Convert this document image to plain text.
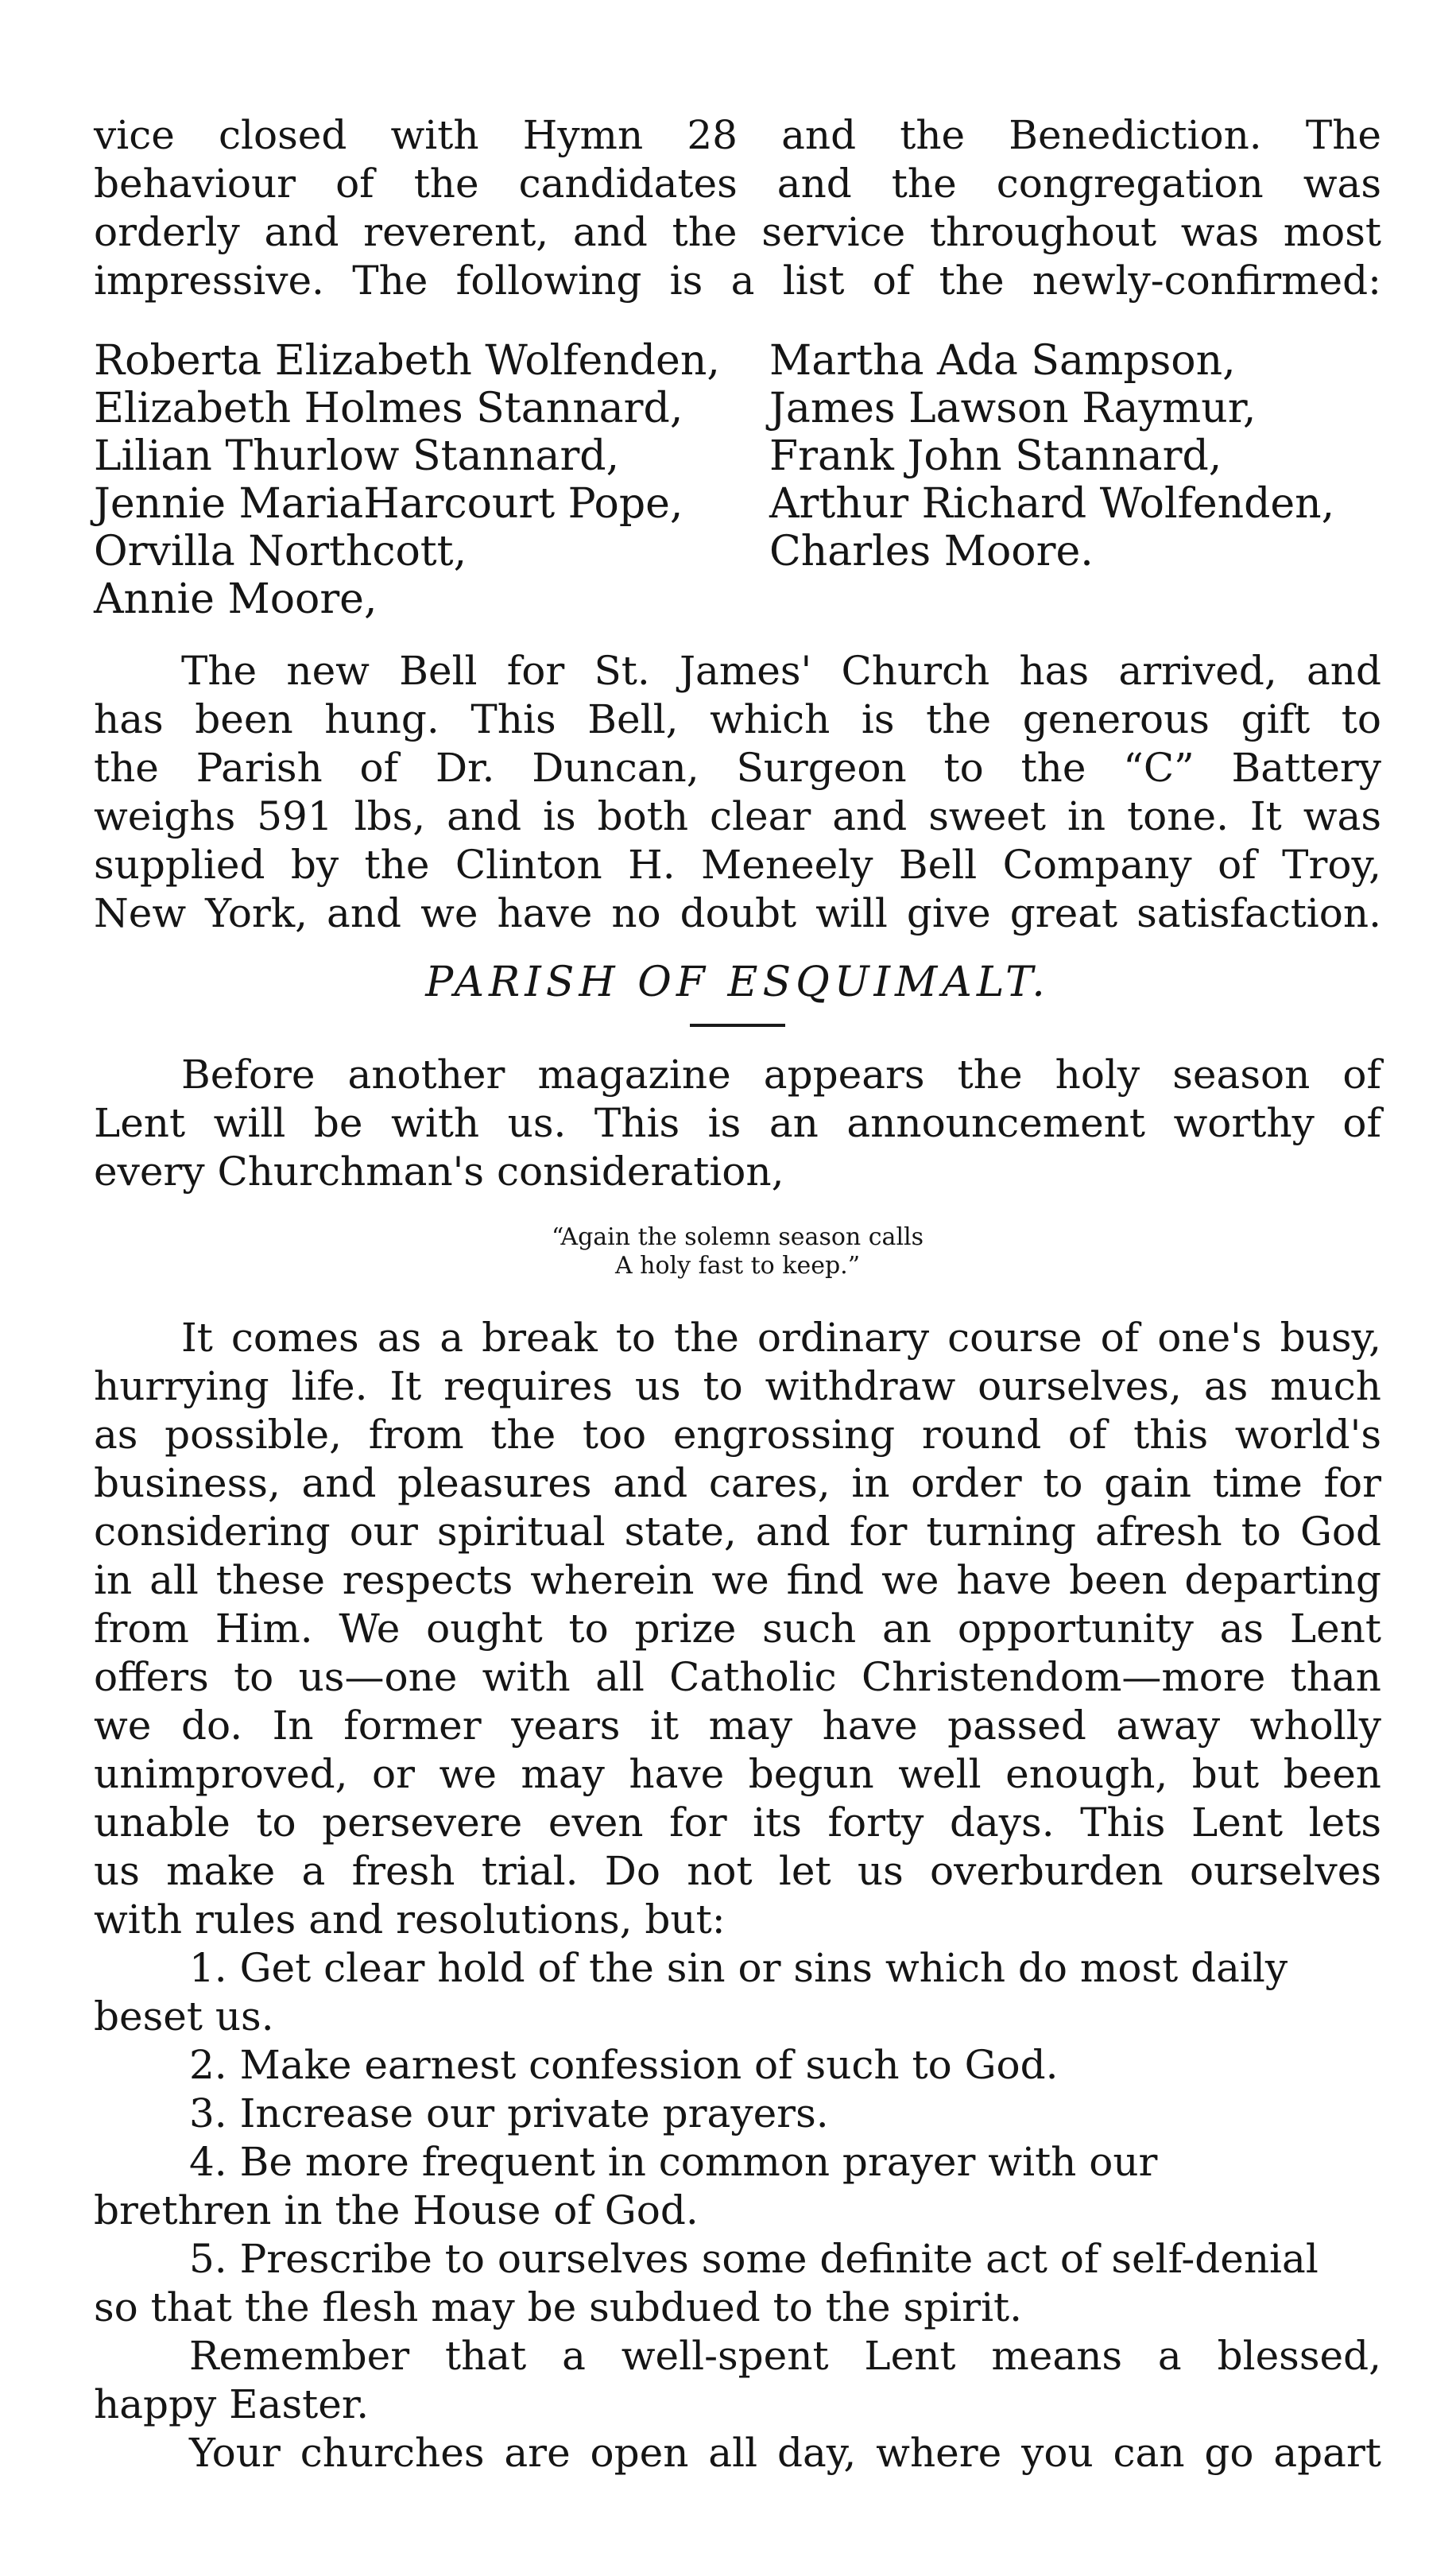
vice closed with Hymn 28 and the Benediction. The
behaviour of the candidates and the congregation was
orderly and reverent, and the service throughout was most
impressive. The following is a list of the newly-confirmed:
Roberta Elizabeth Wolfenden,
Elizabeth Holmes Stannard,
Lilian Thurlow Stannard,
Jennie MariaHarcourt Pope,
Orvilla Northcott,
Annie Moore,
Martha Ada Sampson,
James Lawson Raymur,
Frank John Stannard,
Arthur Richard Wolfenden,
Charles Moore.
The new Bell for St. James' Church has arrived, and
has been hung. This Bell, which is the generous gift to
the Parish of Dr. Duncan, Surgeon to the “C” Battery
weighs 591 lbs, and is both clear and sweet in tone. It was
supplied by the Clinton H. Meneely Bell Company of Troy,
New York, and we have no doubt will give great satisfaction.
PARISH OF ESQUIMALT.
Before another magazine appears the holy season of
Lent will be with us. This is an announcement worthy of
every Churchman's consideration,
“Again the solemn season calls
A holy fast to keep.”
It comes as a break to the ordinary course of one's busy,
hurrying life. It requires us to withdraw ourselves, as much
as possible, from the too engrossing round of this world's
business, and pleasures and cares, in order to gain time for
considering our spiritual state, and for turning afresh to God
in all these respects wherein we find we have been departing
from Him. We ought to prize such an opportunity as Lent
offers to us—one with all Catholic Christendom—more than
we do. In former years it may have passed away wholly
unimproved, or we may have begun well enough, but been
unable to persevere even for its forty days. This Lent lets
us make a fresh trial. Do not let us overburden ourselves
with rules and resolutions, but:
1. Get clear hold of the sin or sins which do most daily
beset us.
2. Make earnest confession of such to God.
3. Increase our private prayers.
4. Be more frequent in common prayer with our
brethren in the House of God.
5. Prescribe to ourselves some definite act of self-denial
so that the flesh may be subdued to the spirit.
Remember that a well-spent Lent means a blessed,
happy Easter.
Your churches are open all day, where you can go apart
